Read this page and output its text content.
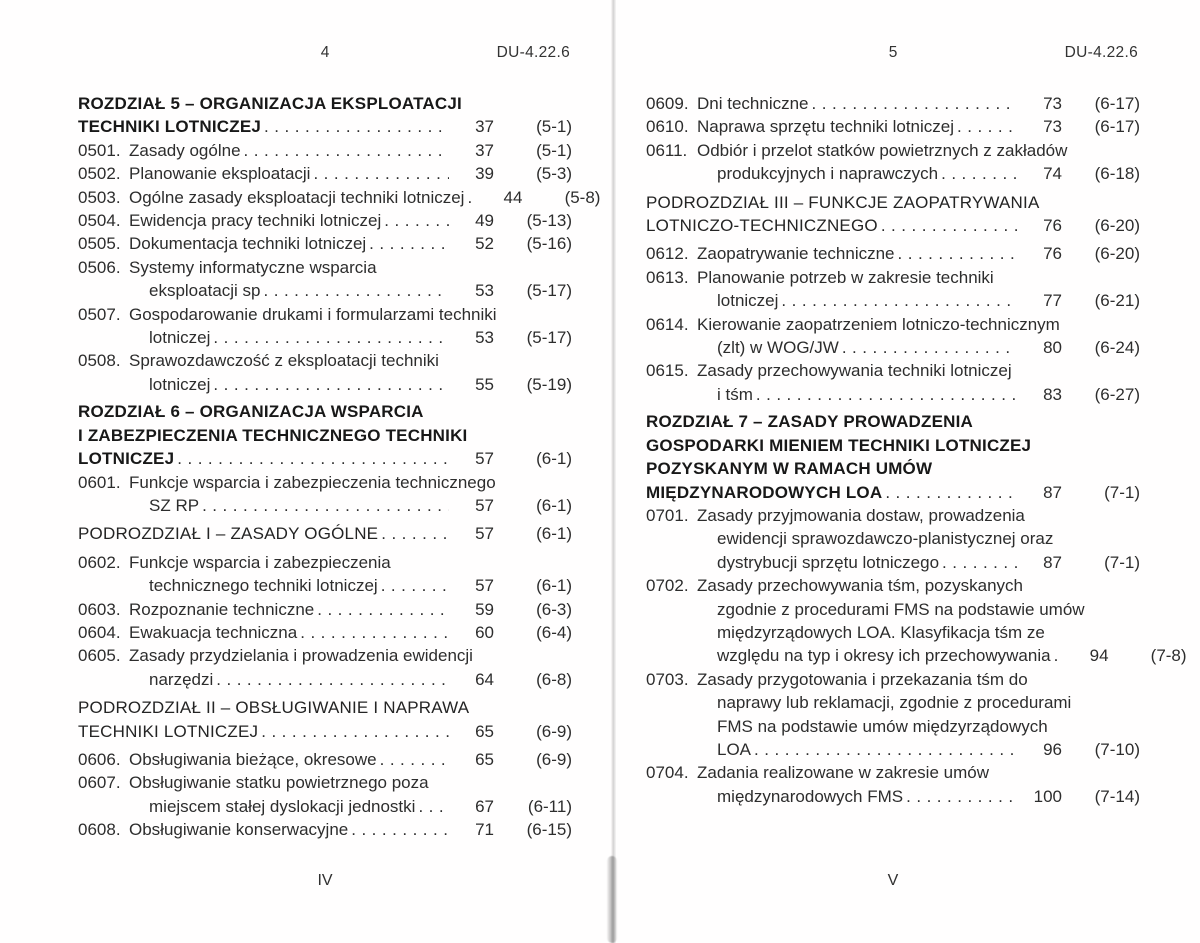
4	DU-4.22.6
ROZDZIAŁ 5 – ORGANIZACJA EKSPLOATACJI
TECHNIKI LOTNICZEJ .....	37	(5-1)
0501. Zasady ogólne .....	37	(5-1)
0502. Planowanie eksploatacji .....	39	(5-3)
0503. Ogólne zasady eksploatacji techniki lotniczej .....	44	(5-8)
0504. Ewidencja pracy techniki lotniczej .....	49	(5-13)
0505. Dokumentacja techniki lotniczej .....	52	(5-16)
0506. Systemy informatyczne wsparcia
eksploatacji sp .....	53	(5-17)
0507. Gospodarowanie drukami i formularzami techniki
lotniczej .....	53	(5-17)
0508. Sprawozdawczość z eksploatacji techniki
lotniczej .....	55	(5-19)
ROZDZIAŁ 6 – ORGANIZACJA WSPARCIA
I ZABEZPIECZENIA TECHNICZNEGO TECHNIKI
LOTNICZEJ .....	57	(6-1)
0601. Funkcje wsparcia i zabezpieczenia technicznego
SZ RP .....	57	(6-1)
PODROZDZIAŁ I – ZASADY OGÓLNE .....	57	(6-1)
0602. Funkcje wsparcia i zabezpieczenia
technicznego techniki lotniczej .....	57	(6-1)
0603. Rozpoznanie techniczne .....	59	(6-3)
0604. Ewakuacja techniczna .....	60	(6-4)
0605. Zasady przydzielania i prowadzenia ewidencji
narzędzi .....	64	(6-8)
PODROZDZIAŁ II – OBSŁUGIWANIE I NAPRAWA
TECHNIKI LOTNICZEJ .....	65	(6-9)
0606. Obsługiwania bieżące, okresowe .....	65	(6-9)
0607. Obsługiwanie statku powietrznego poza
miejscem stałej dyslokacji jednostki .....	67	(6-11)
0608. Obsługiwanie konserwacyjne .....	71	(6-15)
IV
5	DU-4.22.6
0609. Dni techniczne .....	73	(6-17)
0610. Naprawa sprzętu techniki lotniczej .....	73	(6-17)
0611. Odbiór i przelot statków powietrznych z zakładów
produkcyjnych i naprawczych .....	74	(6-18)
PODROZDZIAŁ III – FUNKCJE ZAOPATRYWANIA
LOTNICZO-TECHNICZNEGO .....	76	(6-20)
0612. Zaopatrywanie techniczne .....	76	(6-20)
0613. Planowanie potrzeb w zakresie techniki
lotniczej .....	77	(6-21)
0614. Kierowanie zaopatrzeniem lotniczo-technicznym
(zlt) w WOG/JW .....	80	(6-24)
0615. Zasady przechowywania techniki lotniczej
i tśm .....	83	(6-27)
ROZDZIAŁ 7 – ZASADY PROWADZENIA
GOSPODARKI MIENIEM TECHNIKI LOTNICZEJ
POZYSKANYM W RAMACH UMÓW
MIĘDZYNARODOWYCH LOA .....	87	(7-1)
0701. Zasady przyjmowania dostaw, prowadzenia
ewidencji sprawozdawczo-planistycznej oraz
dystrybucji sprzętu lotniczego .....	87	(7-1)
0702. Zasady przechowywania tśm, pozyskanych
zgodnie z procedurami FMS na podstawie umów
międzyrządowych LOA. Klasyfikacja tśm ze
względu na typ i okresy ich przechowywania .....	94	(7-8)
0703. Zasady przygotowania i przekazania tśm do
naprawy lub reklamacji, zgodnie z procedurami
FMS na podstawie umów międzyrządowych
LOA .....	96	(7-10)
0704. Zadania realizowane w zakresie umów
międzynarodowych FMS .....	100	(7-14)
V
